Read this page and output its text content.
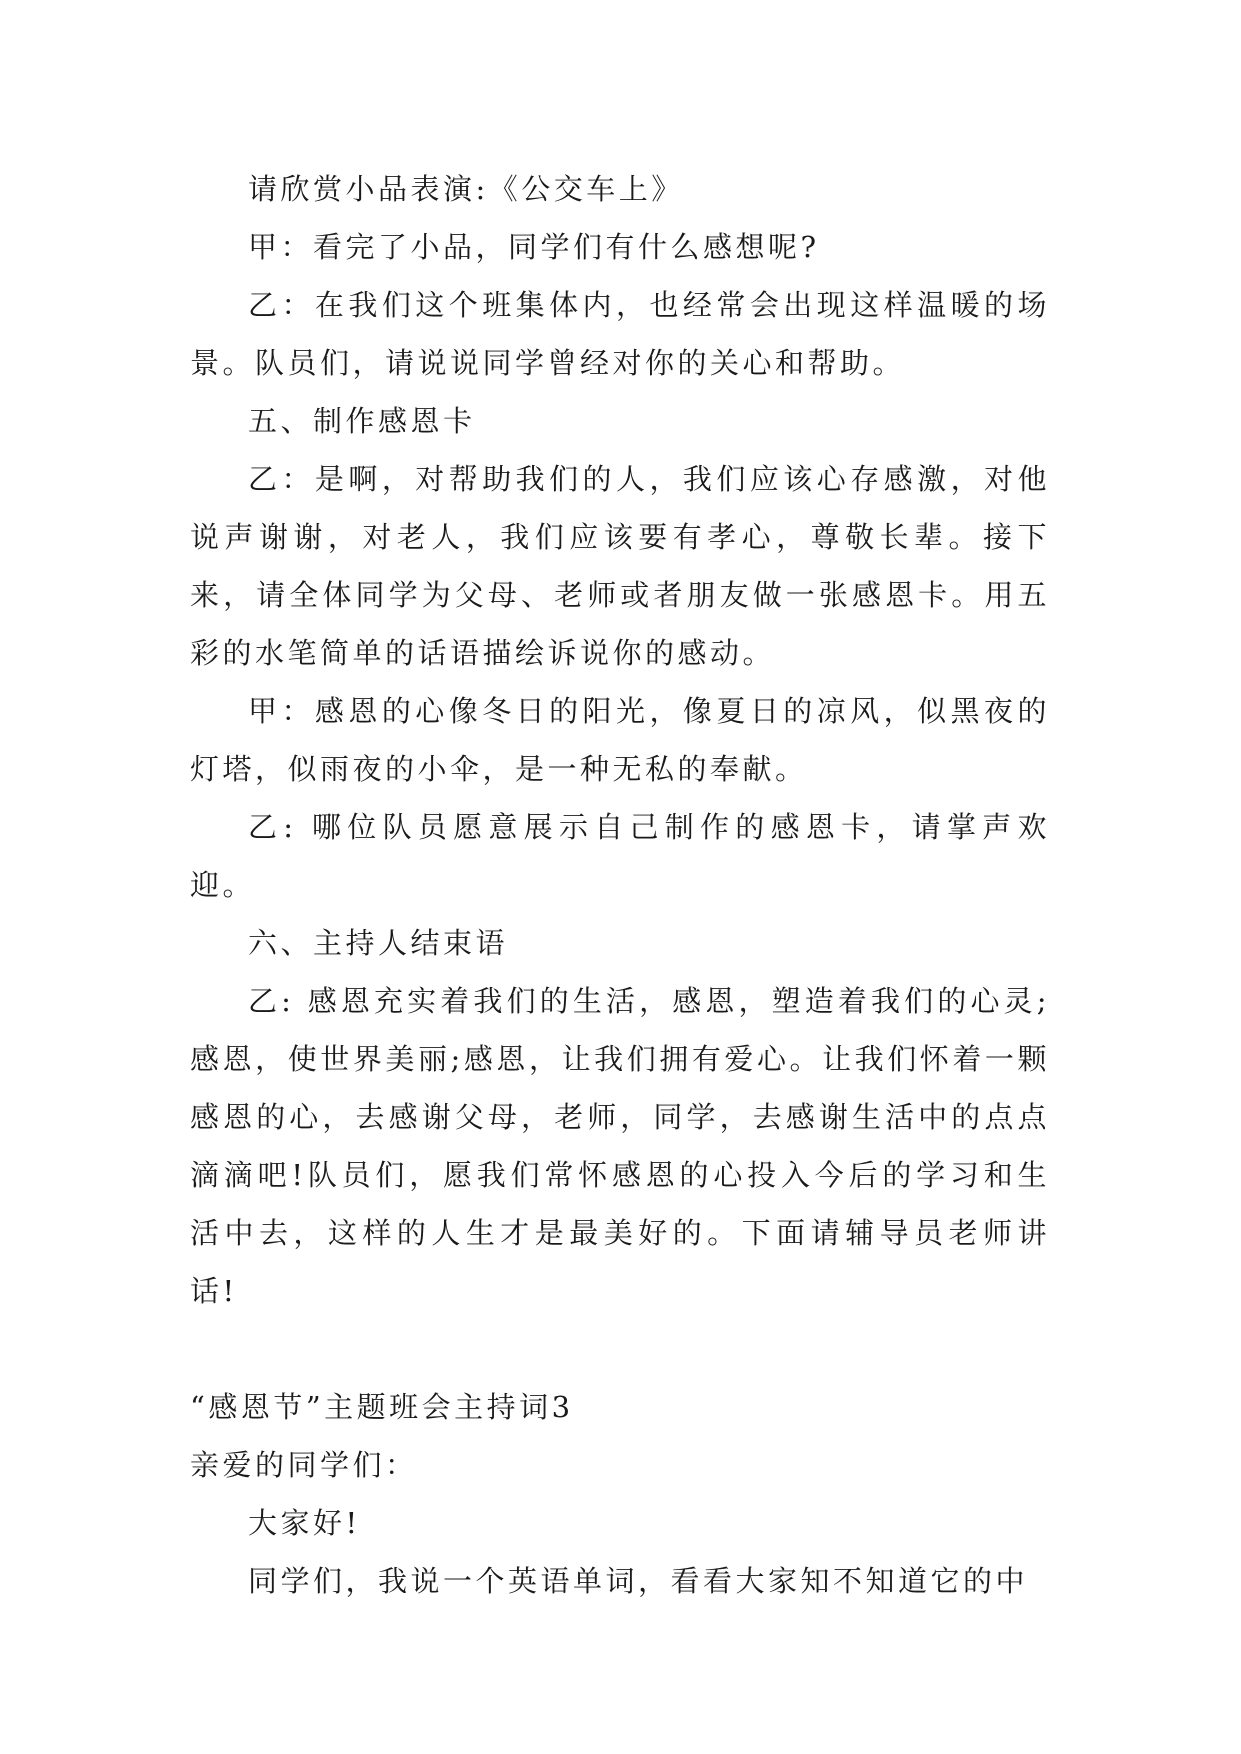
请欣赏小品表演:《公交车上》

甲：看完了小品，同学们有什么感想呢?

乙：在我们这个班集体内，也经常会出现这样温暖的场景。队员们，请说说同学曾经对你的关心和帮助。

五、制作感恩卡

乙：是啊，对帮助我们的人，我们应该心存感激，对他说声谢谢，对老人，我们应该要有孝心，尊敬长辈。接下来，请全体同学为父母、老师或者朋友做一张感恩卡。用五彩的水笔简单的话语描绘诉说你的感动。

甲：感恩的心像冬日的阳光，像夏日的凉风，似黑夜的灯塔，似雨夜的小伞，是一种无私的奉献。

乙: 哪位队员愿意展示自己制作的感恩卡，请掌声欢迎。

六、主持人结束语

乙: 感恩充实着我们的生活，感恩，塑造着我们的心灵;感恩，使世界美丽;感恩，让我们拥有爱心。让我们怀着一颗感恩的心，去感谢父母，老师，同学，去感谢生活中的点点滴滴吧!队员们，愿我们常怀感恩的心投入今后的学习和生活中去，这样的人生才是最美好的。下面请辅导员老师讲话!

“感恩节”主题班会主持词3

亲爱的同学们：

大家好!

同学们，我说一个英语单词，看看大家知不知道它的中
